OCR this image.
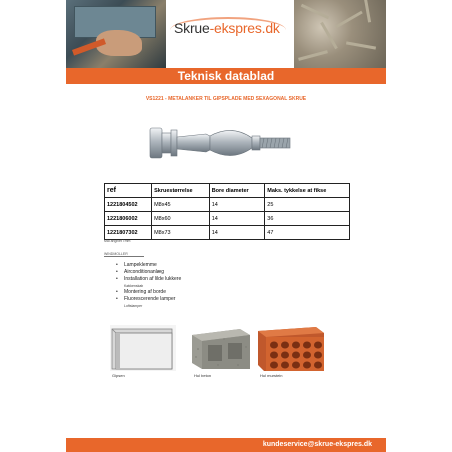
Skrue-ekspres.dk
Teknisk datablad
VS1221 - METALANKER TIL GIPSPLADE MED SEXAGONAL SKRUE
ref	Skruestørrelse	Bore diameter	Maks. tykkelse at fikse
1221804502	M8x45	14	25
1221806002	M8x60	14	36
1221807302	M8x73	14	47
Mål angivet i mm
WINDMOLLER
• Lampeklemme
• Airconditionanlæg
• Installation af lilde lukkere
Køkkenskab
• Montering af borde
• Fluorescerende lamper
Loftslamper
Gipsen	Hul beton	Hul murstein
kundeservice@skrue-ekspres.dk
